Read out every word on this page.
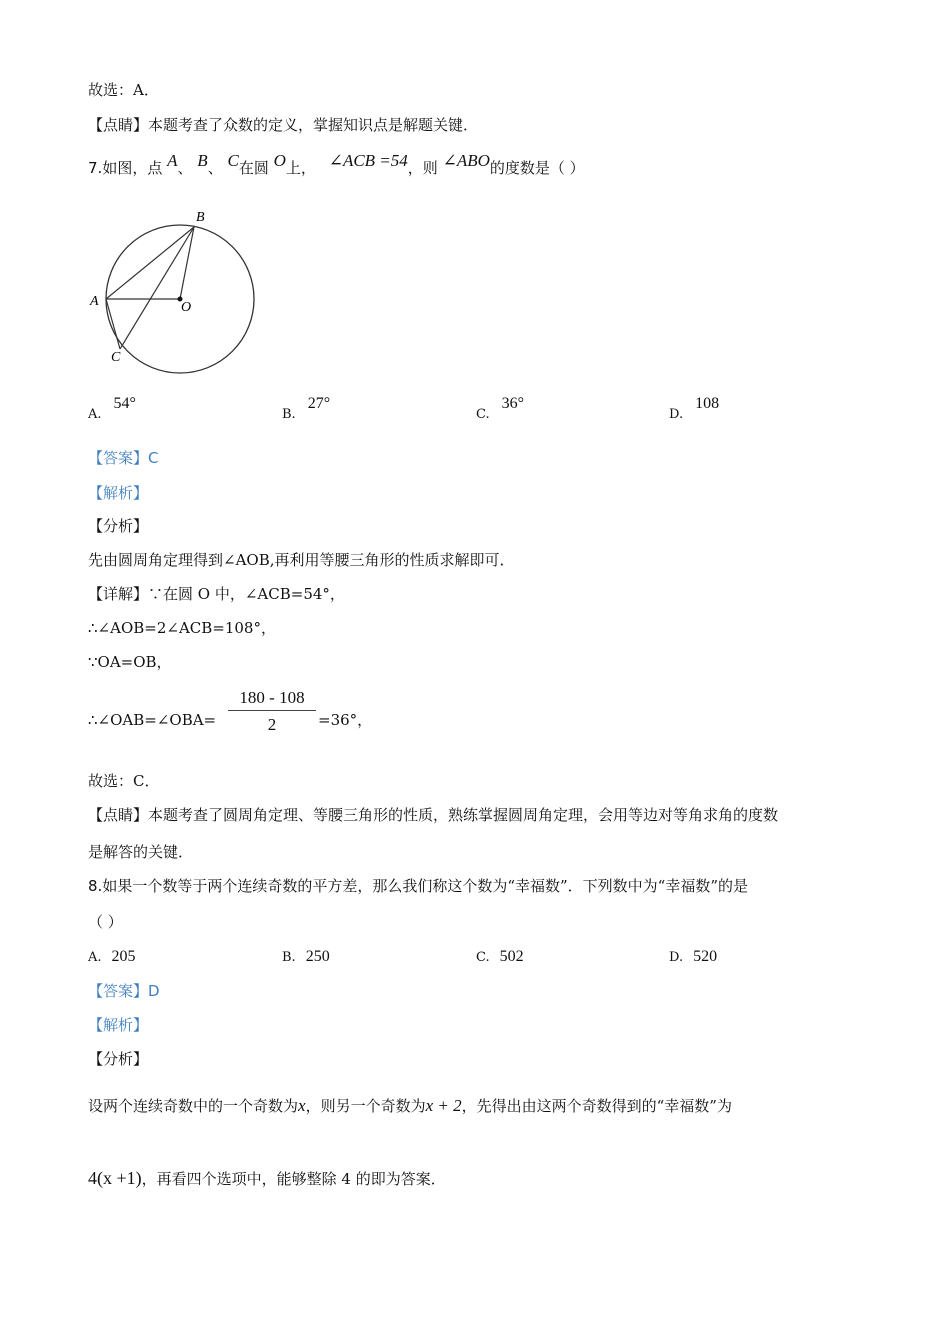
故选：A．
【点睛】本题考查了众数的定义，掌握知识点是解题关键．
7.如图，点 A、 B、 C在圆 O上， ∠ACB =54，则 ∠ABO的度数是（ ）
B
A	O
C
A.54°
B.27°
C.36°
D.108
【答案】C
【解析】
【分析】
先由圆周角定理得到∠AOB,再利用等腰三角形的性质求解即可．
【详解】∵在圆 O 中，∠ACB=54°，
∴∠AOB=2∠ACB=108°，
∵OA=OB，
∴∠OAB=∠OBA= $\frac{180 - 108}{2} =36^\circ$，
故选：C．
【点睛】本题考查了圆周角定理、等腰三角形的性质，熟练掌握圆周角定理，会用等边对等角求角的度数
是解答的关键．
8.如果一个数等于两个连续奇数的平方差，那么我们称这个数为“幸福数”．下列数中为“幸福数”的是
（ ）
A. 205	B. 250	C. 502	D. 520
【答案】D
【解析】
【分析】
设两个连续奇数中的一个奇数为x，则另一个奇数为x + 2，先得出由这两个奇数得到的“幸福数”为
4(x +1)，再看四个选项中，能够整除 4 的即为答案．
